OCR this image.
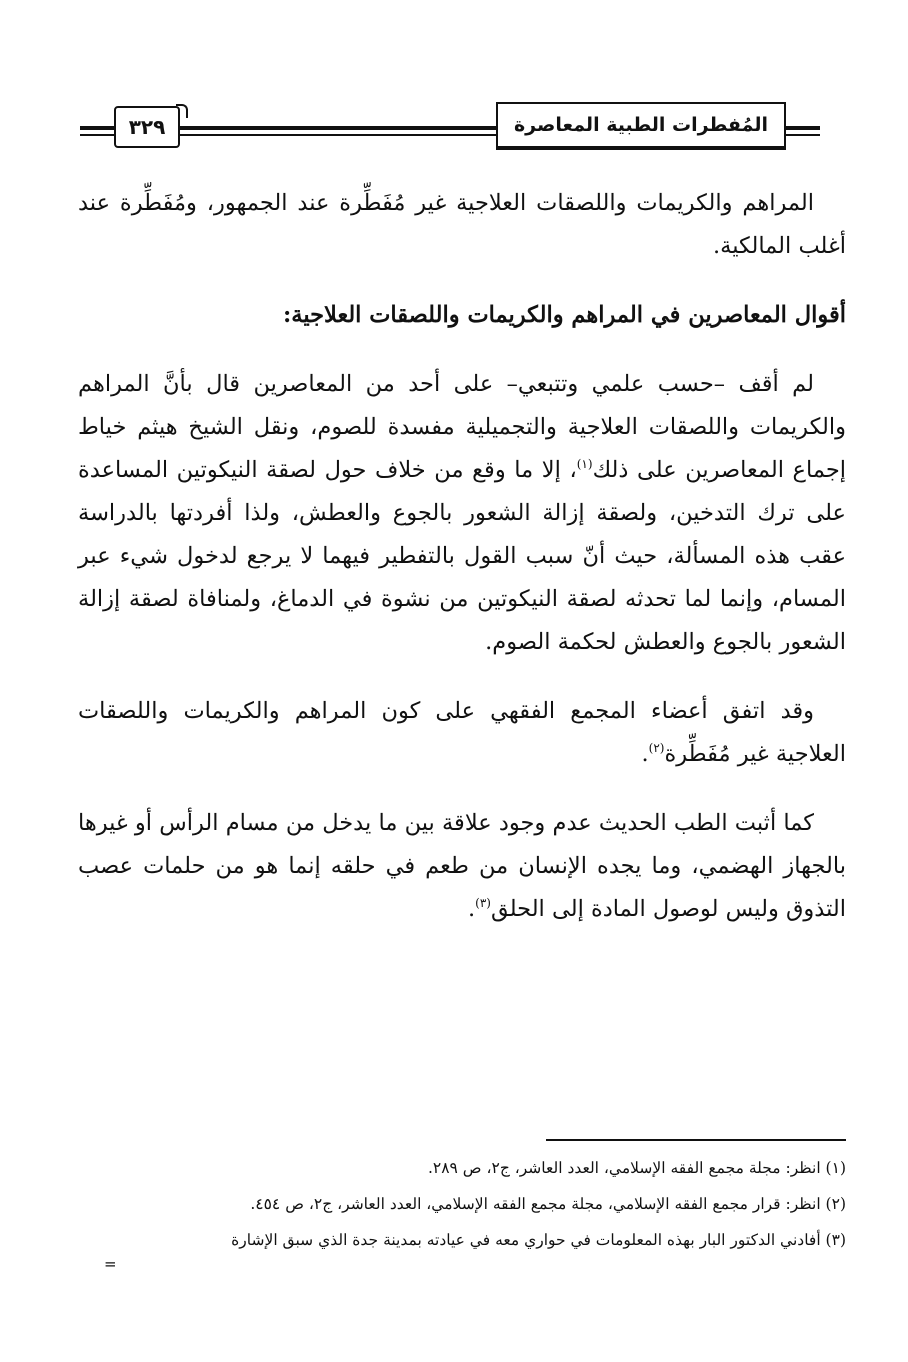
٣٢٩	المُفطرات الطبية المعاصرة

المراهم والكريمات واللصقات العلاجية غير مُفَطِّرة عند الجمهور، ومُفَطِّرة عند أغلب المالكية.

أقوال المعاصرين في المراهم والكريمات واللصقات العلاجية:

لم أقف –حسب علمي وتتبعي– على أحد من المعاصرين قال بأنَّ المراهم والكريمات واللصقات العلاجية والتجميلية مفسدة للصوم، ونقل الشيخ هيثم خياط إجماع المعاصرين على ذلك$^{(١)}$، إلا ما وقع من خلاف حول لصقة النيكوتين المساعدة على ترك التدخين، ولصقة إزالة الشعور بالجوع والعطش، ولذا أفردتها بالدراسة عقب هذه المسألة، حيث أنّ سبب القول بالتفطير فيهما لا يرجع لدخول شيء عبر المسام، وإنما لما تحدثه لصقة النيكوتين من نشوة في الدماغ، ولمنافاة لصقة إزالة الشعور بالجوع والعطش لحكمة الصوم.

وقد اتفق أعضاء المجمع الفقهي على كون المراهم والكريمات واللصقات العلاجية غير مُفَطِّرة$^{(٢)}$.

كما أثبت الطب الحديث عدم وجود علاقة بين ما يدخل من مسام الرأس أو غيرها بالجهاز الهضمي، وما يجده الإنسان من طعم في حلقه إنما هو من حلمات عصب التذوق وليس لوصول المادة إلى الحلق$^{(٣)}$.

(١) انظر: مجلة مجمع الفقه الإسلامي، العدد العاشر، ج٢، ص ٢٨٩.
(٢) انظر: قرار مجمع الفقه الإسلامي، مجلة مجمع الفقه الإسلامي، العدد العاشر، ج٢، ص ٤٥٤.
(٣) أفادني الدكتور البار بهذه المعلومات في حواري معه في عيادته بمدينة جدة الذي سبق الإشارة
=
